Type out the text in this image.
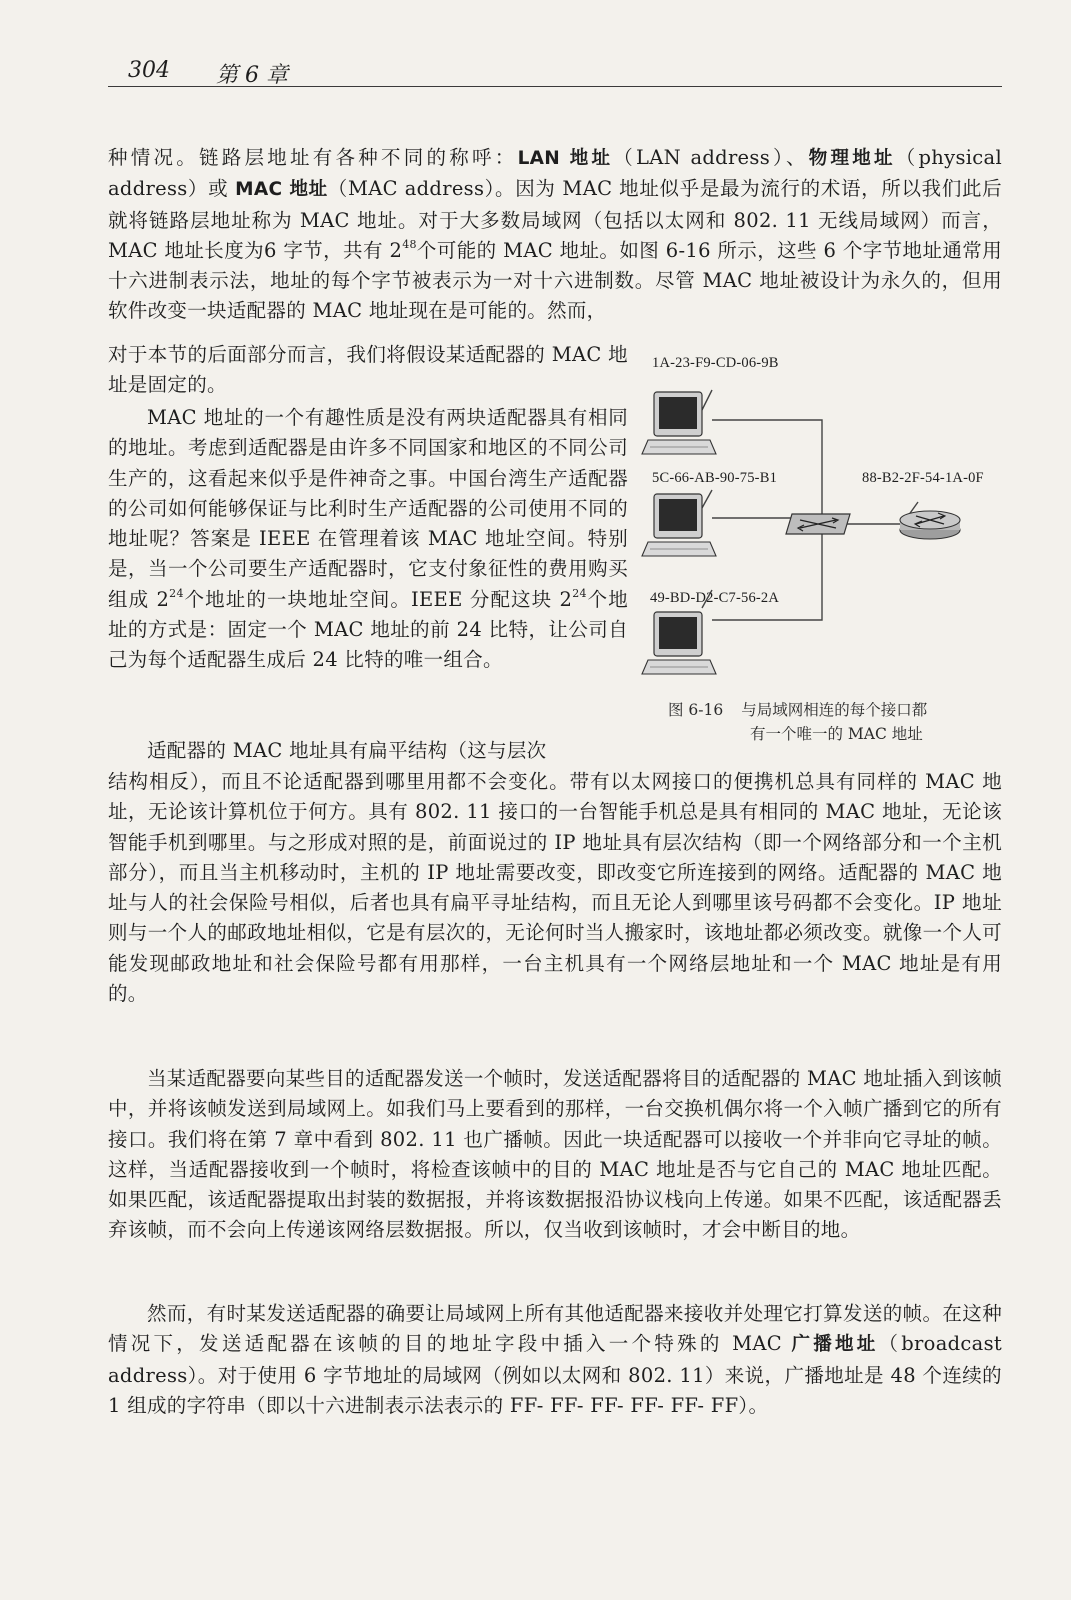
304 第 6 章

种情况。链路层地址有各种不同的称呼：LAN 地址（LAN address）、物理地址（physical address）或 MAC 地址（MAC address）。因为 MAC 地址似乎是最为流行的术语，所以我们此后就将链路层地址称为 MAC 地址。对于大多数局域网（包括以太网和 802. 11 无线局域网）而言，MAC 地址长度为6 字节，共有 $2^{48}$个可能的 MAC 地址。如图 6-16 所示，这些 6 个字节地址通常用十六进制表示法，地址的每个字节被表示为一对十六进制数。尽管 MAC 地址被设计为永久的，但用软件改变一块适配器的 MAC 地址现在是可能的。然而，

对于本节的后面部分而言，我们将假设某适配器的 MAC 地址是固定的。

MAC 地址的一个有趣性质是没有两块适配器具有相同的地址。考虑到适配器是由许多不同国家和地区的不同公司生产的，这看起来似乎是件神奇之事。中国台湾生产适配器的公司如何能够保证与比利时生产适配器的公司使用不同的地址呢？答案是 IEEE 在管理着该 MAC 地址空间。特别是，当一个公司要生产适配器时，它支付象征性的费用购买组成 $2^{24}$个地址的一块地址空间。IEEE 分配这块 $2^{24}$个地址的方式是：固定一个 MAC 地址的前 24 比特，让公司自己为每个适配器生成后 24 比特的唯一组合。

适配器的 MAC 地址具有扁平结构（这与层次

结构相反），而且不论适配器到哪里用都不会变化。带有以太网接口的便携机总具有同样的 MAC 地址，无论该计算机位于何方。具有 802. 11 接口的一台智能手机总是具有相同的 MAC 地址，无论该智能手机到哪里。与之形成对照的是，前面说过的 IP 地址具有层次结构（即一个网络部分和一个主机部分），而且当主机移动时，主机的 IP 地址需要改变，即改变它所连接到的网络。适配器的 MAC 地址与人的社会保险号相似，后者也具有扁平寻址结构，而且无论人到哪里该号码都不会变化。IP 地址则与一个人的邮政地址相似，它是有层次的，无论何时当人搬家时，该地址都必须改变。就像一个人可能发现邮政地址和社会保险号都有用那样，一台主机具有一个网络层地址和一个 MAC 地址是有用的。

当某适配器要向某些目的适配器发送一个帧时，发送适配器将目的适配器的 MAC 地址插入到该帧中，并将该帧发送到局域网上。如我们马上要看到的那样，一台交换机偶尔将一个入帧广播到它的所有接口。我们将在第 7 章中看到 802. 11 也广播帧。因此一块适配器可以接收一个并非向它寻址的帧。这样，当适配器接收到一个帧时，将检查该帧中的目的 MAC 地址是否与它自己的 MAC 地址匹配。如果匹配，该适配器提取出封装的数据报，并将该数据报沿协议栈向上传递。如果不匹配，该适配器丢弃该帧，而不会向上传递该网络层数据报。所以，仅当收到该帧时，才会中断目的地。

然而，有时某发送适配器的确要让局域网上所有其他适配器来接收并处理它打算发送的帧。在这种情况下，发送适配器在该帧的目的地址字段中插入一个特殊的 MAC 广播地址（broadcast address）。对于使用 6 字节地址的局域网（例如以太网和 802. 11）来说，广播地址是 48 个连续的 1 组成的字符串（即以十六进制表示法表示的 FF- FF- FF- FF- FF- FF）。

1A-23-F9-CD-06-9B
5C-66-AB-90-75-B1
49-BD-D2-C7-56-2A
88-B2-2F-54-1A-0F
图 6-16 与局域网相连的每个接口都
有一个唯一的 MAC 地址
